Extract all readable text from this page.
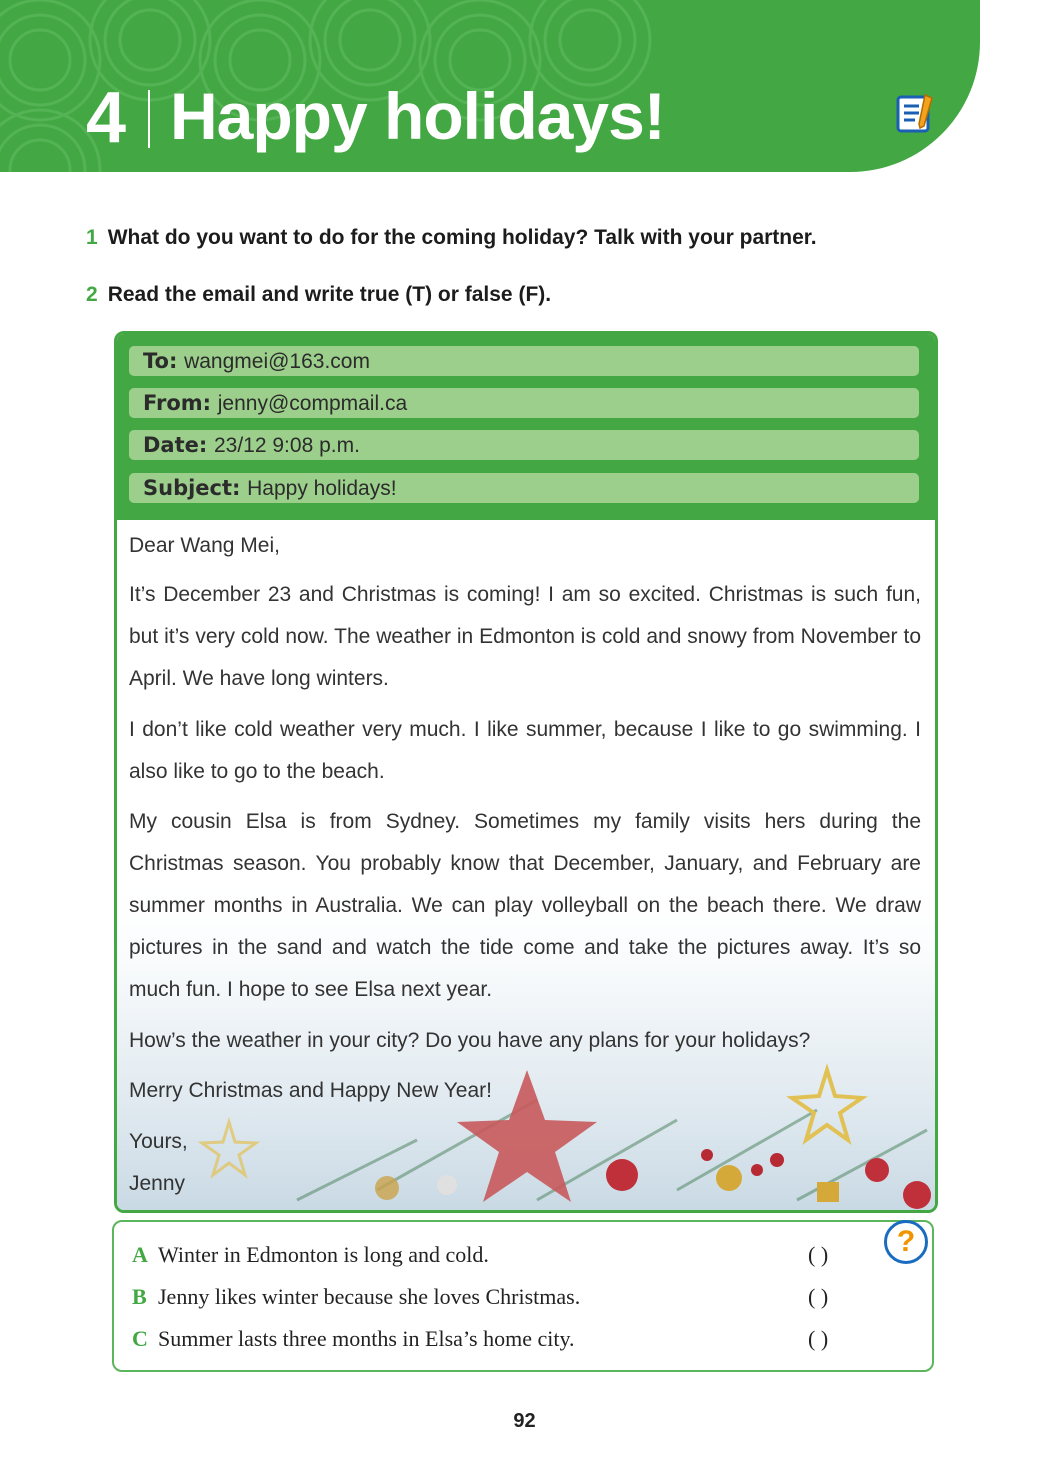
4 Happy holidays!
1 What do you want to do for the coming holiday? Talk with your partner.
2 Read the email and write true (T) or false (F).
To: wangmei@163.com
From: jenny@compmail.ca
Date: 23/12 9:08 p.m.
Subject: Happy holidays!
Dear Wang Mei,
It’s December 23 and Christmas is coming! I am so excited. Christmas is such fun, but it’s very cold now. The weather in Edmonton is cold and snowy from November to April. We have long winters.
I don’t like cold weather very much. I like summer, because I like to go swimming. I also like to go to the beach.
My cousin Elsa is from Sydney. Sometimes my family visits hers during the Christmas season. You probably know that December, January, and February are summer months in Australia. We can play volleyball on the beach there. We draw pictures in the sand and watch the tide come and take the pictures away. It’s so much fun. I hope to see Elsa next year.
How’s the weather in your city? Do you have any plans for your holidays?
Merry Christmas and Happy New Year!
Yours,
Jenny
A Winter in Edmonton is long and cold.	( )
B Jenny likes winter because she loves Christmas.	( )
C Summer lasts three months in Elsa’s home city.	( )
?
92
